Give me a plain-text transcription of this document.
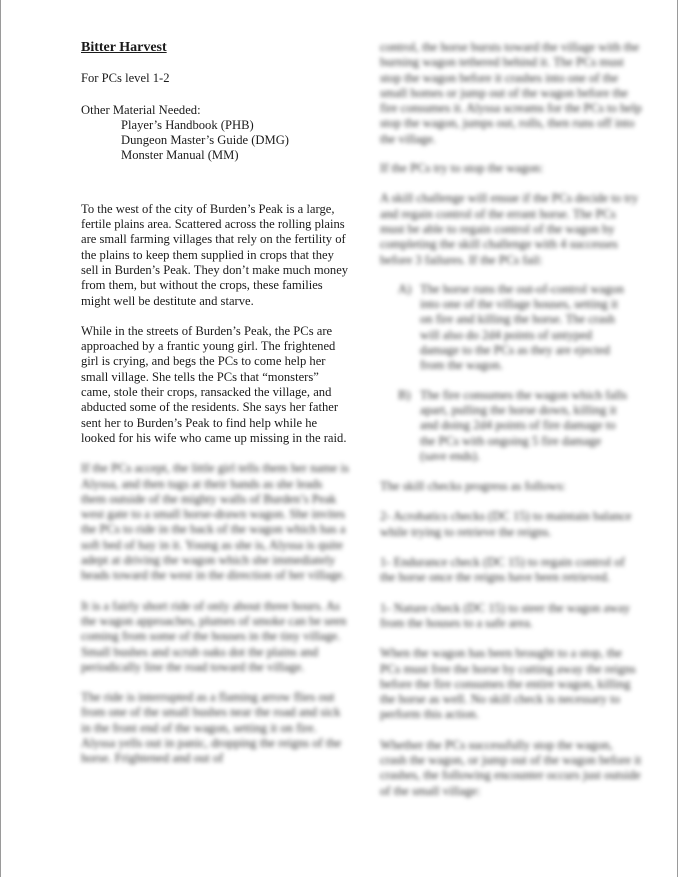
Bitter Harvest

For PCs level 1-2

Other Material Needed:

Player’s Handbook (PHB)
Dungeon Master’s Guide (DMG)
Monster Manual (MM)

To the west of the city of Burden’s Peak is a large, fertile plains area. Scattered across the rolling plains are small farming villages that rely on the fertility of the plains to keep them supplied in crops that they sell in Burden’s Peak. They don’t make much money from them, but without the crops, these families might well be destitute and starve.

While in the streets of Burden’s Peak, the PCs are approached by a frantic young girl. The frightened girl is crying, and begs the PCs to come help her small village. She tells the PCs that “monsters” came, stole their crops, ransacked the village, and abducted some of the residents. She says her father sent her to Burden’s Peak to find help while he looked for his wife who came up missing in the raid.

If the PCs accept, the little girl tells them her name is Alyssa, and then tugs at their hands as she leads them outside of the mighty walls of Burden’s Peak west gate to a small horse-drawn wagon. She invites the PCs to ride in the back of the wagon which has a soft bed of hay in it. Young as she is, Alyssa is quite adept at driving the wagon which she immediately heads toward the west in the direction of her village.

It is a fairly short ride of only about three hours. As the wagon approaches, plumes of smoke can be seen coming from some of the houses in the tiny village. Small bushes and scrub oaks dot the plains and periodically line the road toward the village.

The ride is interrupted as a flaming arrow flies out from one of the small bushes near the road and sick in the front end of the wagon, setting it on fire. Alyssa yells out in panic, dropping the reigns of the horse. Frightened and out of

control, the horse bursts toward the village with the burning wagon tethered behind it. The PCs must stop the wagon before it crashes into one of the small homes or jump out of the wagon before the fire consumes it. Alyssa screams for the PCs to help stop the wagon, jumps out, rolls, then runs off into the village.

If the PCs try to stop the wagon:

A skill challenge will ensue if the PCs decide to try and regain control of the errant horse. The PCs must be able to regain control of the wagon by completing the skill challenge with 4 successes before 3 failures. If the PCs fail:

A) The horse runs the out-of-control wagon into one of the village houses, setting it on fire and killing the horse. The crash will also do 2d4 points of untyped damage to the PCs as they are ejected from the wagon.
B) The fire consumes the wagon which falls apart, pulling the horse down, killing it and doing 2d4 points of fire damage to the PCs with ongoing 5 fire damage (save ends).

The skill checks progress as follows:

2- Acrobatics checks (DC 15) to maintain balance while trying to retrieve the reigns.
1- Endurance check (DC 15) to regain control of the horse once the reigns have been retrieved.
1- Nature check (DC 15) to steer the wagon away from the houses to a safe area.

When the wagon has been brought to a stop, the PCs must free the horse by cutting away the reigns before the fire consumes the entire wagon, killing the horse as well. No skill check is necessary to perform this action.

Whether the PCs successfully stop the wagon, crash the wagon, or jump out of the wagon before it crashes, the following encounter occurs just outside of the small village:
